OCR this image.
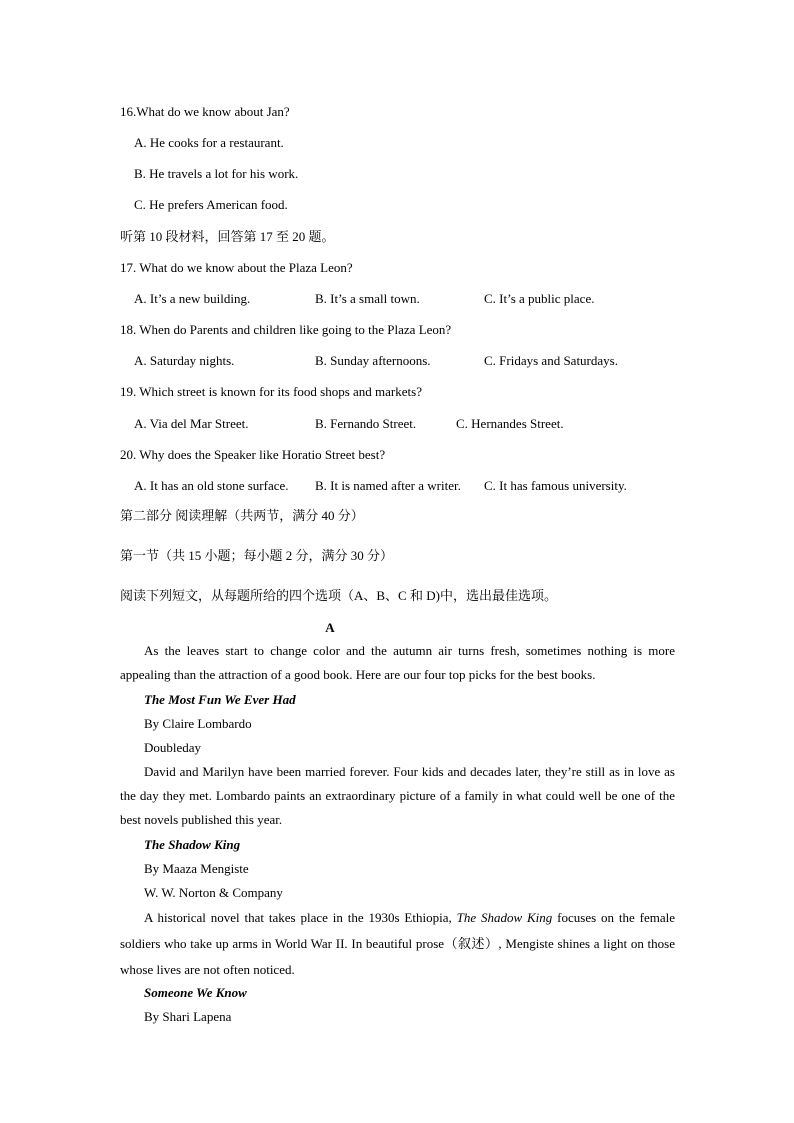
16.What do we know about Jan?
A. He cooks for a restaurant.
B. He travels a lot for his work.
C. He prefers American food.
听第 10 段材料，回答第 17 至 20 题。
17. What do we know about the Plaza Leon?
A. It’s a new building.	B. It’s a small town.	C. It’s a public place.
18. When do Parents and children like going to the Plaza Leon?
A. Saturday nights.	B. Sunday afternoons.	C. Fridays and Saturdays.
19. Which street is known for its food shops and markets?
A. Via del Mar Street.	B. Fernando Street.	C. Hernandes Street.
20. Why does the Speaker like Horatio Street best?
A. It has an old stone surface. B. It is named after a writer. C. It has famous university.
第二部分 阅读理解（共两节，满分 40 分）
第一节（共 15 小题；每小题 2 分，满分 30 分）
阅读下列短文，从每题所给的四个选项（A、B、C 和 D)中，选出最佳选项。
A
As the leaves start to change color and the autumn air turns fresh, sometimes nothing is more appealing than the attraction of a good book. Here are our four top picks for the best books.
The Most Fun We Ever Had
By Claire Lombardo
Doubleday
David and Marilyn have been married forever. Four kids and decades later, they’re still as in love as the day they met. Lombardo paints an extraordinary picture of a family in what could well be one of the best novels published this year.
The Shadow King
By Maaza Mengiste
W. W. Norton & Company
A historical novel that takes place in the 1930s Ethiopia, The Shadow King focuses on the female soldiers who take up arms in World War II. In beautiful prose（叙述）, Mengiste shines a light on those whose lives are not often noticed.
Someone We Know
By Shari Lapena
